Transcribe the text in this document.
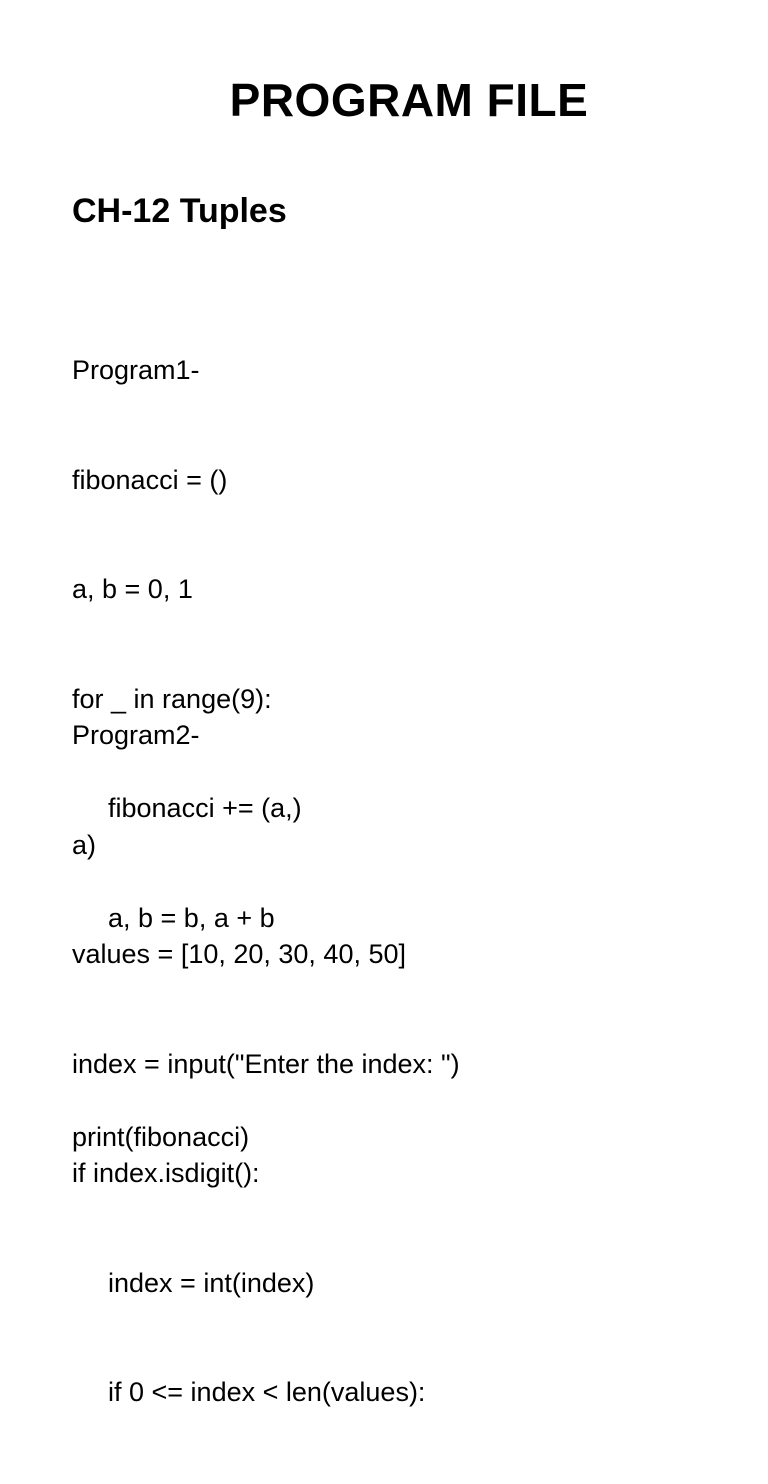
PROGRAM FILE
CH-12 Tuples

Program1-

fibonacci = ()

a, b = 0, 1

for _ in range(9):

fibonacci += (a,)

a, b = b, a + b

print(fibonacci)

Program2-

a)

values = [10, 20, 30, 40, 50]

index = input("Enter the index: ")

if index.isdigit():

index = int(index)

if 0 <= index < len(values):
